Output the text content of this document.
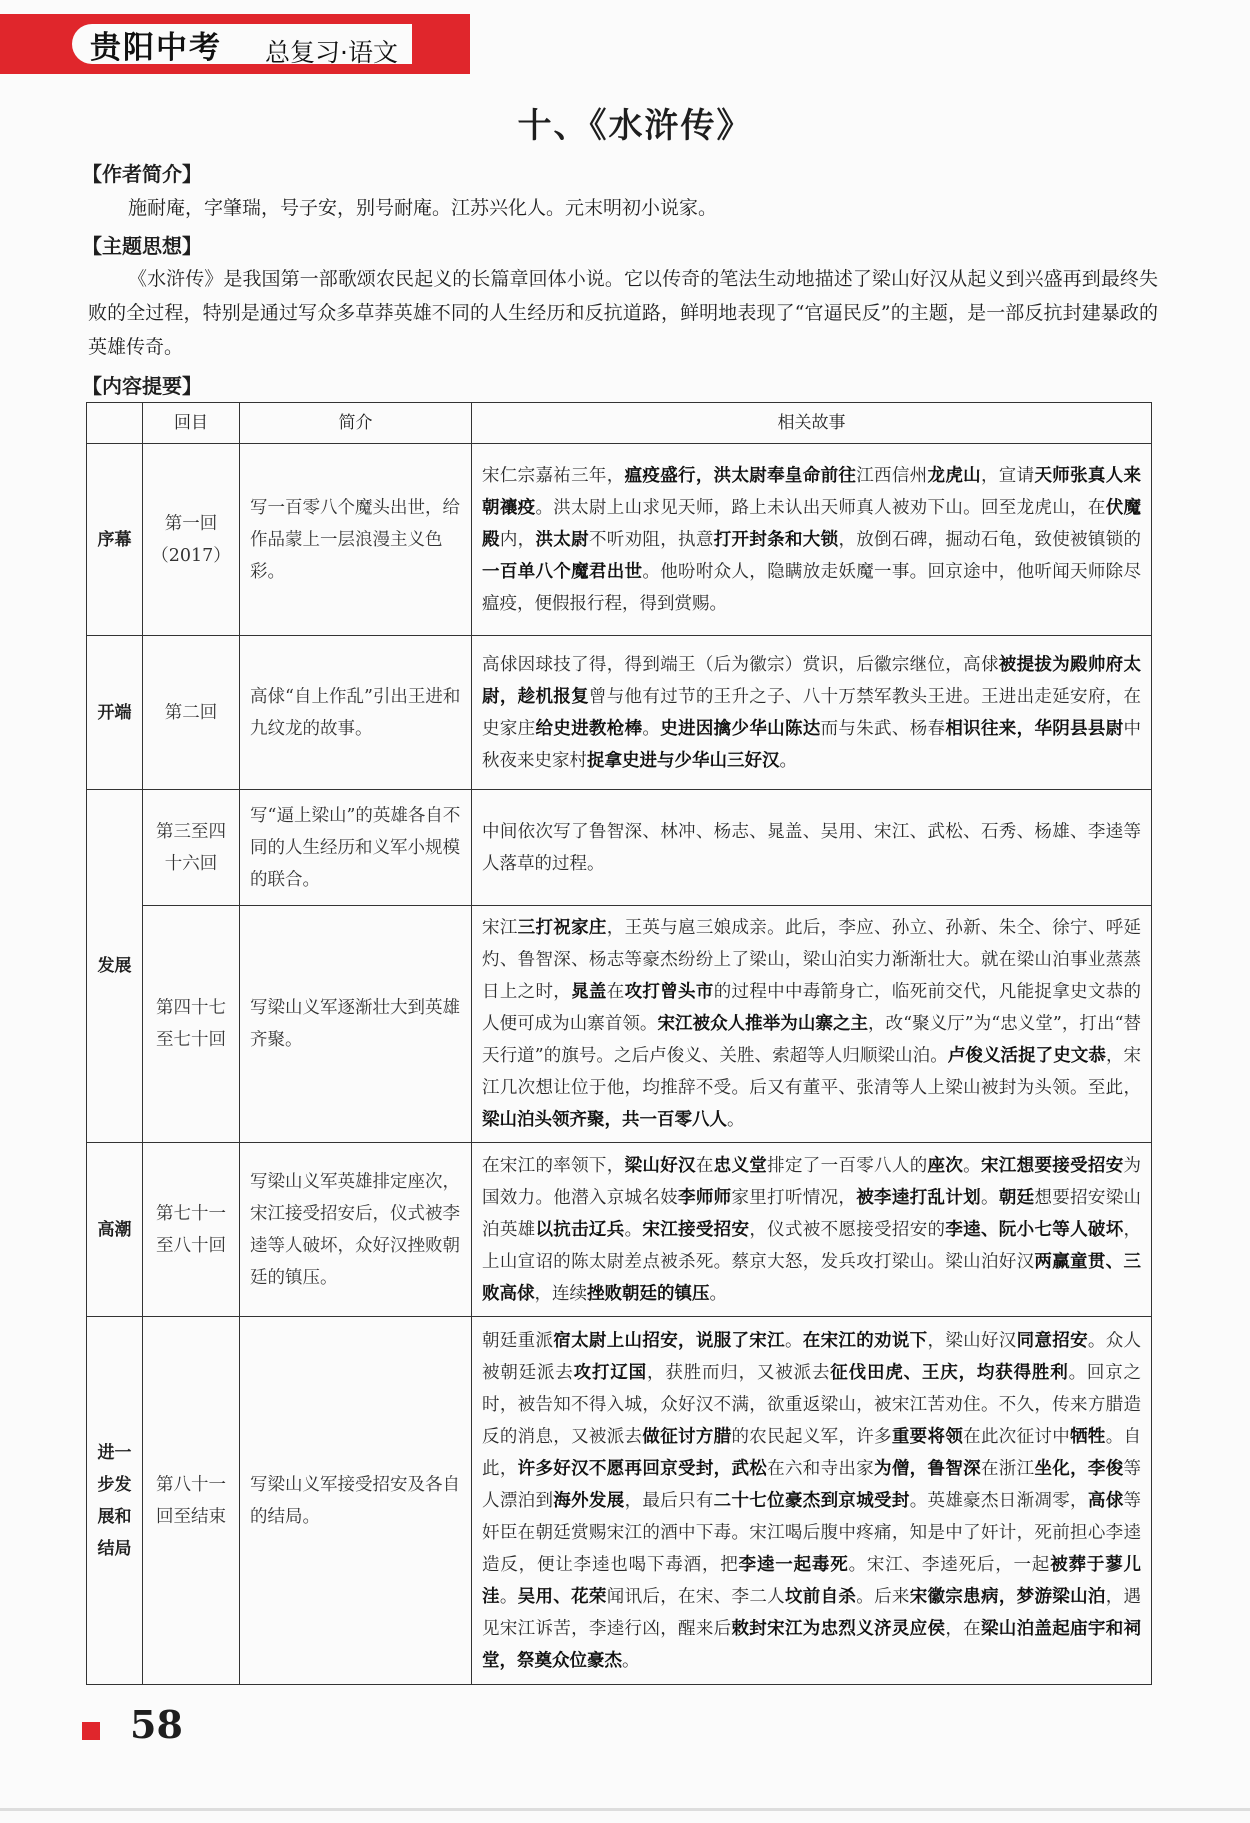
贵阳中考 总复习·语文
十、《水浒传》
【作者简介】
施耐庵，字肇瑞，号子安，别号耐庵。江苏兴化人。元末明初小说家。
【主题思想】
《水浒传》是我国第一部歌颂农民起义的长篇章回体小说。它以传奇的笔法生动地描述了梁山好汉从起义到兴盛再到最终失败的全过程，特别是通过写众多草莽英雄不同的人生经历和反抗道路，鲜明地表现了“官逼民反”的主题，是一部反抗封建暴政的英雄传奇。
【内容提要】
	回目	简介	相关故事
序幕	第一回（2017）	写一百零八个魔头出世，给作品蒙上一层浪漫主义色彩。	宋仁宗嘉祐三年，瘟疫盛行，洪太尉奉皇命前往江西信州龙虎山，宣请天师张真人来朝禳疫。洪太尉上山求见天师，路上未认出天师真人被劝下山。回至龙虎山，在伏魔殿内，洪太尉不听劝阻，执意打开封条和大锁，放倒石碑，掘动石龟，致使被镇锁的一百单八个魔君出世。他吩咐众人，隐瞒放走妖魔一事。回京途中，他听闻天师除尽瘟疫，便假报行程，得到赏赐。
开端	第二回	高俅“自上作乱”引出王进和九纹龙的故事。	高俅因球技了得，得到端王（后为徽宗）赏识，后徽宗继位，高俅被提拔为殿帅府太尉，趁机报复曾与他有过节的王升之子、八十万禁军教头王进。王进出走延安府，在史家庄给史进教枪棒。史进因擒少华山陈达而与朱武、杨春相识往来，华阴县县尉中秋夜来史家村捉拿史进与少华山三好汉。
发展	第三至四十六回	写“逼上梁山”的英雄各自不同的人生经历和义军小规模的联合。	中间依次写了鲁智深、林冲、杨志、晁盖、吴用、宋江、武松、石秀、杨雄、李逵等人落草的过程。
	第四十七至七十回	写梁山义军逐渐壮大到英雄齐聚。	宋江三打祝家庄，王英与扈三娘成亲。此后，李应、孙立、孙新、朱仝、徐宁、呼延灼、鲁智深、杨志等豪杰纷纷上了梁山，梁山泊实力渐渐壮大。就在梁山泊事业蒸蒸日上之时，晁盖在攻打曾头市的过程中中毒箭身亡，临死前交代，凡能捉拿史文恭的人便可成为山寨首领。宋江被众人推举为山寨之主，改“聚义厅”为“忠义堂”，打出“替天行道”的旗号。之后卢俊义、关胜、索超等人归顺梁山泊。卢俊义活捉了史文恭，宋江几次想让位于他，均推辞不受。后又有董平、张清等人上梁山被封为头领。至此，梁山泊头领齐聚，共一百零八人。
高潮	第七十一至八十回	写梁山义军英雄排定座次，宋江接受招安后，仪式被李逵等人破坏，众好汉挫败朝廷的镇压。	在宋江的率领下，梁山好汉在忠义堂排定了一百零八人的座次。宋江想要接受招安为国效力。他潜入京城名妓李师师家里打听情况，被李逵打乱计划。朝廷想要招安梁山泊英雄以抗击辽兵。宋江接受招安，仪式被不愿接受招安的李逵、阮小七等人破坏，上山宣诏的陈太尉差点被杀死。蔡京大怒，发兵攻打梁山。梁山泊好汉两赢童贯、三败高俅，连续挫败朝廷的镇压。
进一步发展和结局	第八十一回至结束	写梁山义军接受招安及各自的结局。	朝廷重派宿太尉上山招安，说服了宋江。在宋江的劝说下，梁山好汉同意招安。众人被朝廷派去攻打辽国，获胜而归，又被派去征伐田虎、王庆，均获得胜利。回京之时，被告知不得入城，众好汉不满，欲重返梁山，被宋江苦劝住。不久，传来方腊造反的消息，又被派去做征讨方腊的农民起义军，许多重要将领在此次征讨中牺牲。自此，许多好汉不愿再回京受封，武松在六和寺出家为僧，鲁智深在浙江坐化，李俊等人漂泊到海外发展，最后只有二十七位豪杰到京城受封。英雄豪杰日渐凋零，高俅等奸臣在朝廷赏赐宋江的酒中下毒。宋江喝后腹中疼痛，知是中了奸计，死前担心李逵造反，便让李逵也喝下毒酒，把李逵一起毒死。宋江、李逵死后，一起被葬于蓼儿洼。吴用、花荣闻讯后，在宋、李二人坟前自杀。后来宋徽宗患病，梦游梁山泊，遇见宋江诉苦，李逵行凶，醒来后敕封宋江为忠烈义济灵应侯，在梁山泊盖起庙宇和祠堂，祭奠众位豪杰。
58
